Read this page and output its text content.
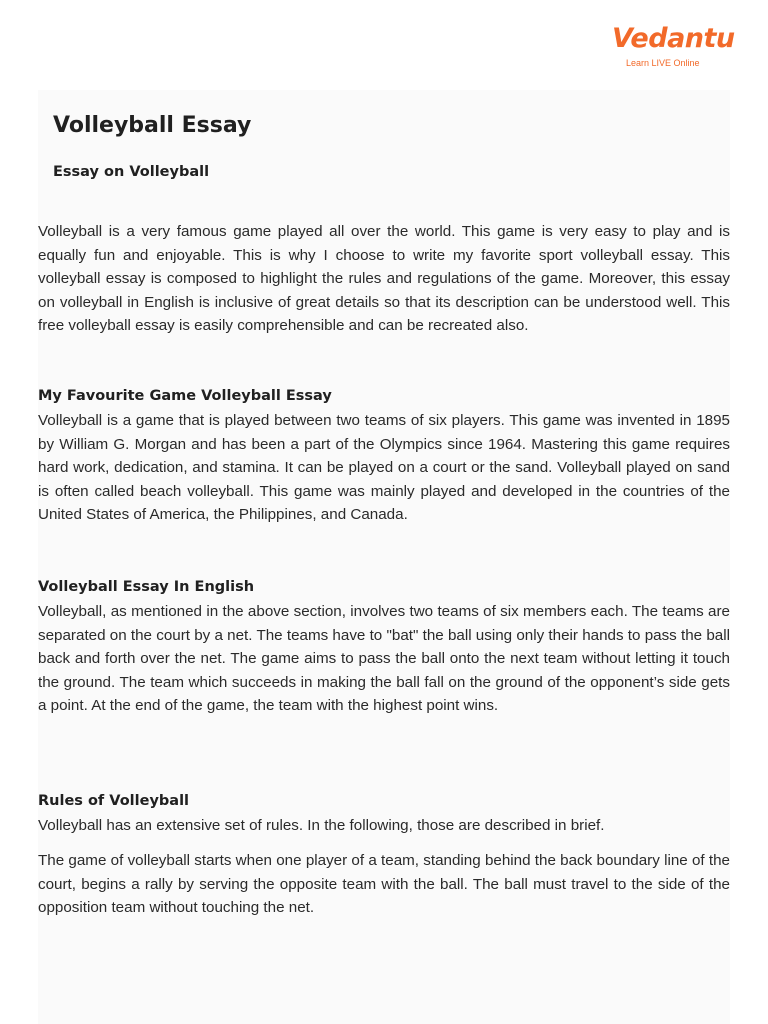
Vedantu
Learn LIVE Online
Volleyball Essay
Essay on Volleyball

Volleyball is a very famous game played all over the world. This game is very easy to play and is equally fun and enjoyable. This is why I choose to write my favorite sport volleyball essay. This volleyball essay is composed to highlight the rules and regulations of the game. Moreover, this essay on volleyball in English is inclusive of great details so that its description can be understood well. This free volleyball essay is easily comprehensible and can be recreated also.

My Favourite Game Volleyball Essay

Volleyball is a game that is played between two teams of six players. This game was invented in 1895 by William G. Morgan and has been a part of the Olympics since 1964. Mastering this game requires hard work, dedication, and stamina. It can be played on a court or the sand. Volleyball played on sand is often called beach volleyball. This game was mainly played and developed in the countries of the United States of America, the Philippines, and Canada.

Volleyball Essay In English

Volleyball, as mentioned in the above section, involves two teams of six members each. The teams are separated on the court by a net. The teams have to "bat" the ball using only their hands to pass the ball back and forth over the net. The game aims to pass the ball onto the next team without letting it touch the ground. The team which succeeds in making the ball fall on the ground of the opponent’s side gets a point. At the end of the game, the team with the highest point wins.

Rules of Volleyball

Volleyball has an extensive set of rules. In the following, those are described in brief.

The game of volleyball starts when one player of a team, standing behind the back boundary line of the court, begins a rally by serving the opposite team with the ball. The ball must travel to the side of the opposition team without touching the net.
